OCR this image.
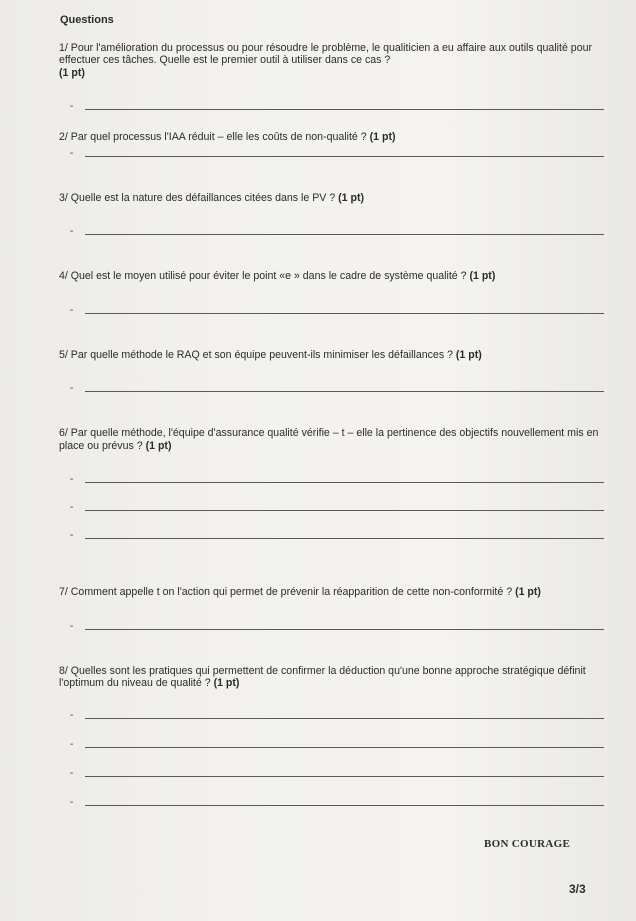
Questions

1/ Pour l'amélioration du processus ou pour résoudre le problème, le qualiticien a eu affaire aux outils qualité pour effectuer ces tâches. Quelle est le premier outil à utiliser dans ce cas ?
(1 pt)

-

2/ Par quel processus l'IAA réduit – elle les coûts de non-qualité ? (1 pt)

-

3/ Quelle est la nature des défaillances citées dans le PV ? (1 pt)

-

4/ Quel est le moyen utilisé pour éviter le point «e » dans le cadre de système qualité ? (1 pt)

-

5/ Par quelle méthode le RAQ et son équipe peuvent-ils minimiser les défaillances ? (1 pt)

-

6/ Par quelle méthode, l'équipe d'assurance qualité vérifie – t – elle la pertinence des objectifs nouvellement mis en place ou prévus ? (1 pt)

-
-
-

7/ Comment appelle t on l'action qui permet de prévenir la réapparition de cette non-conformité ? (1 pt)

-

8/ Quelles sont les pratiques qui permettent de confirmer la déduction qu'une bonne approche stratégique définit l'optimum du niveau de qualité ? (1 pt)

-
-
-
-
BON COURAGE
3/3
